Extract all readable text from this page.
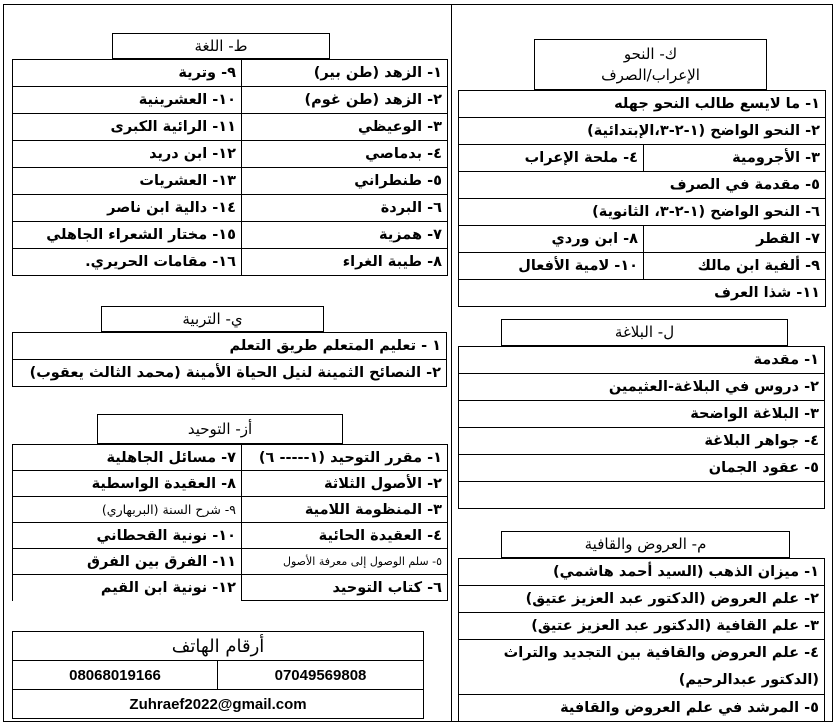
ط- اللغة
١- الزهد (طن بير)	٩- وترية
٢- الزهد (طن غوم)	١٠- العشرينية
٣- الوعيظي	١١- الرائية الكبرى
٤- بدماصي	١٢- ابن دريد
٥- طنطراني	١٣- العشريات
٦- البردة	١٤- دالية ابن ناصر
٧- همزية	١٥- مختار الشعراء الجاهلي
٨- طيبة الغراء	١٦- مقامات الحريري.
ي- التربية
١ - تعليم المتعلم طريق التعلم
٢- النصائح الثمينة لنيل الحياة الأمينة (محمد الثالث يعقوب)
أز- التوحيد
١- مقرر التوحيد (١----- ٦)	٧- مسائل الجاهلية
٢- الأصول الثلاثة	٨- العقيدة الواسطية
٣- المنظومة اللامية	٩- شرح السنة (البربهاري)
٤- العقيدة الحائية	١٠- نونية القحطاني
٥- سلم الوصول إلى معرفة الأصول	١١- الفرق بين الفرق
٦- كتاب التوحيد	١٢- نونية ابن القيم
أرقام الهاتف
08068019166	07049569808
Zuhraef2022@gmail.com
ك- النحو
الإعراب/الصرف
١- ما لايسع طالب النحو جهله	
٢- النحو الواضح (١-٢-٣،الإبتدائية)	
٣- الأجرومية	٤- ملحة الإعراب
٥- مقدمة في الصرف	
٦- النحو الواضح (١-٢-٣، الثانوية)	
٧- القطر	٨- ابن وردي
٩- ألفية ابن مالك	١٠- لامية الأفعال
١١- شذا العرف	
ل- البلاغة
١- مقدمة
٢- دروس في البلاغة-العثيمين
٣- البلاغة الواضحة
٤- جواهر البلاغة
٥- عقود الجمان

م- العروض والقافية
١- ميزان الذهب (السيد أحمد هاشمي)
٢- علم العروض (الدكتور عبد العزيز عتيق)
٣- علم القافية (الدكتور عبد العزيز عتيق)

٤- علم العروض والقافية بين التجديد والتراث
(الدكتور عبدالرحيم)

٥- المرشد في علم العروض والقافية
